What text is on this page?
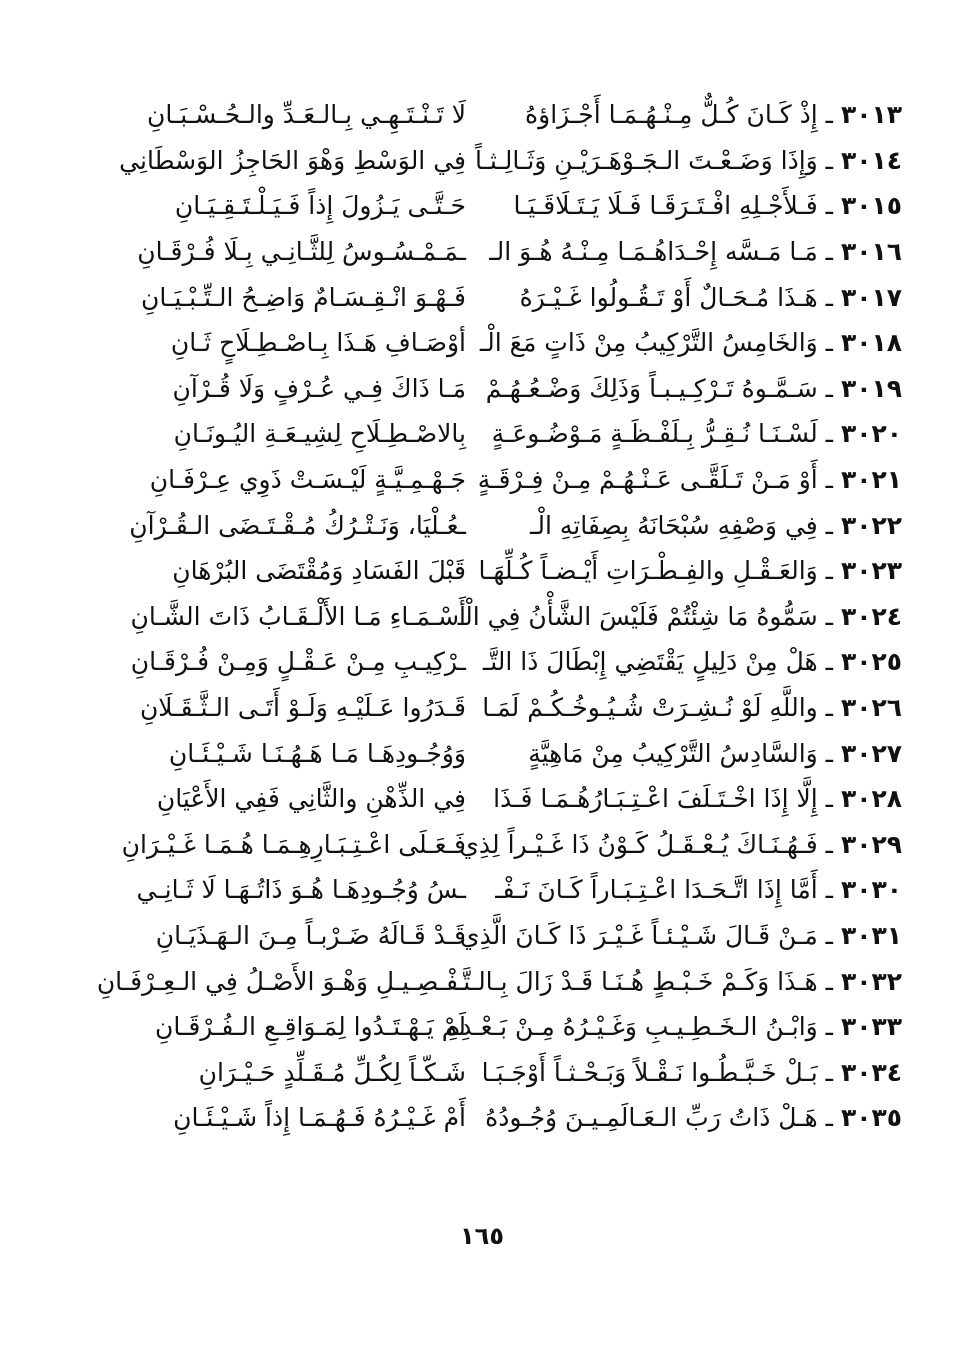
٣٠١٣ ـ إِذْ كَـانَ كُـلٌّ مِـنْـهُـمَـا أَجْـزَاؤهُ
لَا تَـنْـتَـهِـي بِـالـعَـدِّ والـحُـسْـبَـانِ
٣٠١٤ ـ وَإِذَا وَضَـعْـتَ الـجَـوْهَـرَيْـنِ وَثَـالِـثـاً
فِي الوَسْطِ وَهْوَ الحَاجِزُ الوَسْطَانِي
٣٠١٥ ـ فَـلأَجْـلِهِ افْـتَـرَقَـا فَـلَا يَـتَـلَاقَـيَـا
حَـتَّـى يَـزُولَ إِذاً فَـيَـلْـتَـقِـيَـانِ
٣٠١٦ ـ مَـا مَـسَّه إِحْـدَاهُـمَـا مِـنْـهُ هُـوَ الـ
ـمَـمْـسُـوسُ لِلثَّـانِـي بِـلَا فُـرْقَـانِ
٣٠١٧ ـ هَـذَا مُـحَـالٌ أَوْ تَـقُـولُوا غَـيْـرَهُ
فَـهْـوَ انْـقِـسَـامٌ وَاضِـحُ الـتِّـبْـيَـانِ
٣٠١٨ ـ وَالخَامِسُ التَّرْكِيبُ مِنْ ذَاتٍ مَعَ الْـ
أوْصَـافِ هَـذَا بِـاصْـطِـلَاحٍ ثَـانِ
٣٠١٩ ـ سَـمَّـوهُ تَـرْكِـيـبـاً وَذَلِكَ وَضْـعُـهُـمْ
مَـا ذَاكَ فِـي عُـرْفٍ وَلَا قُـرْآنِ
٣٠٢٠ ـ لَسْـنَـا نُـقِـرُّ بِـلَفْـظَـةٍ مَـوْضُـوعَـةٍ
بِالاصْـطِـلَاحِ لِشِيـعَـةِ اليُـونَـانِ
٣٠٢١ ـ أَوْ مَـنْ تَـلَقَّـى عَـنْـهُـمْ مِـنْ فِـرْقَـةٍ
جَـهْـمِـيَّـةٍ لَيْـسَـتْ ذَوِي عِـرْفَـانِ
٣٠٢٢ ـ فِي وَصْفِهِ سُبْحَانَهُ بِصِفَاتِهِ الْـ
ـعُـلْيَا، وَنَـتْـرُكُ مُـقْـتَـضَى الـقُـرْآنِ
٣٠٢٣ ـ وَالعَـقْـلِ والفِـطْـرَاتِ أَيْـضـاً كُـلِّهَـا
قَبْلَ الفَسَادِ وَمُقْتَضَى البُرْهَانِ
٣٠٢٤ ـ سَمُّوهُ مَا شِئْتُمْ فَلَيْسَ الشَّأْنُ فِي الْـ
أَسْـمَـاءِ مَـا الأَلْـقَـابُ ذَاتَ الشَّـانِ
٣٠٢٥ ـ هَلْ مِنْ دَلِيلٍ يَقْتَضِي إِبْطَالَ ذَا التَّـ
ـرْكِيـبِ مِـنْ عَـقْـلٍ وَمِـنْ فُـرْقَـانِ
٣٠٢٦ ـ واللَّهِ لَوْ نُـشِـرَتْ شُـيُـوخُـكُـمْ لَمَـا
قَـدَرُوا عَـلَيْـهِ وَلَـوْ أَتَـى الـثَّـقَـلَانِ
٣٠٢٧ ـ وَالسَّادِسُ التَّرْكِيبُ مِنْ مَاهِيَّةٍ
وَوُجُـودِهَـا مَـا هَـهُـنَـا شَـيْـئَـانِ
٣٠٢٨ ـ إِلَّا إِذَا اخْـتَـلَفَ اعْـتِـبَـارُهُـمَـا فَـذَا
فِي الذِّهْنِ والثَّانِي فَفِي الأَعْيَانِ
٣٠٢٩ ـ فَـهُـنَـاكَ يُـعْـقَـلُ كَـوْنُ ذَا غَـيْـراً لِذِي
فَـعَـلَى اعْـتِـبَـارِهِـمَـا هُـمَـا غَـيْـرَانِ
٣٠٣٠ ـ أَمَّا إِذَا اتَّـحَـدَا اعْـتِـبَـاراً كَـانَ نَـفْـ
ـسُ وُجُـودِهَـا هُـوَ ذَاتُـهَـا لَا ثَـانِـي
٣٠٣١ ـ مَـنْ قَـالَ شَـيْـئـاً غَـيْـرَ ذَا كَـانَ الَّذِي
قَـدْ قَـالَهُ ضَـرْبـاً مِـنَ الـهَـذَيَـانِ
٣٠٣٢ ـ هَـذَا وَكَـمْ خَـبْـطٍ هُـنَـا قَـدْ زَالَ بِـالـتَّـ
ـفْـصِـيـلِ وَهْـوَ الأَصْـلُ فِي الـعِـرْفَـانِ
٣٠٣٣ ـ وَابْـنُ الـخَـطِـيـبِ وَغَـيْـرُهُ مِـنْ بَـعْـدِهِ
لَمْ يَـهْـتَـدُوا لِمَـوَاقِـعِ الـفُـرْقَـانِ
٣٠٣٤ ـ بَـلْ خَـبَّـطُـوا نَـقْـلاً وَبَـحْـثـاً أَوْجَـبَـا
شَـكّـاً لِكُـلِّ مُـقَـلِّدٍ حَـيْـرَانِ
٣٠٣٥ ـ هَـلْ ذَاتُ رَبِّ الـعَـالَمِـيـنَ وُجُـودُهُ
أَمْ غَـيْـرُهُ فَـهُـمَـا إِذاً شَـيْـئَـانِ
١٦٥
